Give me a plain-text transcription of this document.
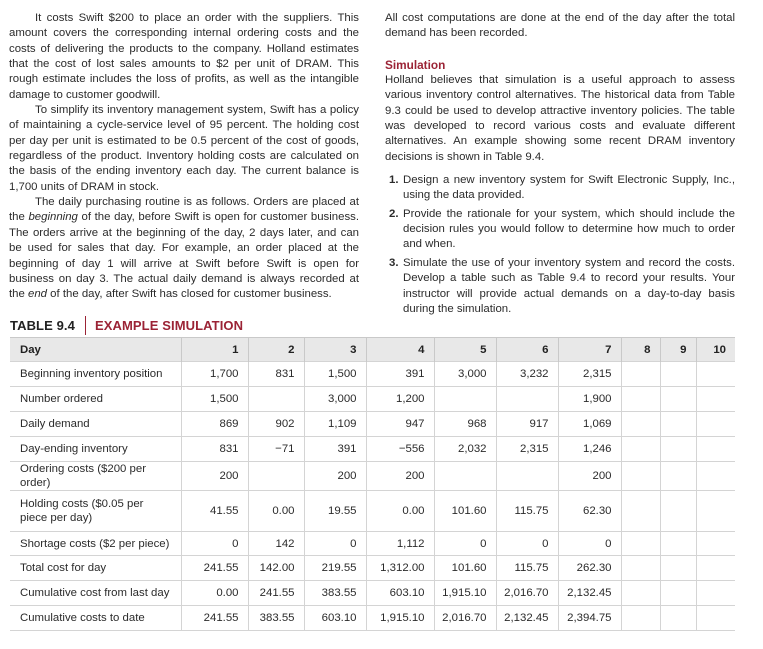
It costs Swift $200 to place an order with the suppliers. This amount covers the corresponding internal ordering costs and the costs of delivering the products to the company. Holland estimates that the cost of lost sales amounts to $2 per unit of DRAM. This rough estimate includes the loss of profits, as well as the intangible damage to customer goodwill.

To simplify its inventory management system, Swift has a policy of maintaining a cycle-service level of 95 percent. The holding cost per day per unit is estimated to be 0.5 percent of the cost of goods, regardless of the product. Inventory holding costs are calculated on the basis of the ending inventory each day. The current balance is 1,700 units of DRAM in stock.

The daily purchasing routine is as follows. Orders are placed at the beginning of the day, before Swift is open for customer business. The orders arrive at the beginning of the day, 2 days later, and can be used for sales that day. For example, an order placed at the beginning of day 1 will arrive at Swift before Swift is open for business on day 3. The actual daily demand is always recorded at the end of the day, after Swift has closed for customer business.

All cost computations are done at the end of the day after the total demand has been recorded.

Simulation

Holland believes that simulation is a useful approach to assess various inventory control alternatives. The historical data from Table 9.3 could be used to develop attractive inventory policies. The table was developed to record various costs and evaluate different alternatives. An example showing some recent DRAM inventory decisions is shown in Table 9.4.

1. Design a new inventory system for Swift Electronic Supply, Inc., using the data provided.
2. Provide the rationale for your system, which should include the decision rules you would follow to determine how much to order and when.
3. Simulate the use of your inventory system and record the costs. Develop a table such as Table 9.4 to record your results. Your instructor will provide actual demands on a day-to-day basis during the simulation.
TABLE 9.4 EXAMPLE SIMULATION
Day	1	2	3	4	5	6	7	8	9	10
Beginning inventory position	1,700	831	1,500	391	3,000	3,232	2,315			
Number ordered	1,500		3,000	1,200			1,900			
Daily demand	869	902	1,109	947	968	917	1,069			
Day-ending inventory	831	−71	391	−556	2,032	2,315	1,246			
Ordering costs ($200 per order)	200		200	200			200			
Holding costs ($0.05 per piece per day)	41.55	0.00	19.55	0.00	101.60	115.75	62.30			
Shortage costs ($2 per piece)	0	142	0	1,112	0	0	0			
Total cost for day	241.55	142.00	219.55	1,312.00	101.60	115.75	262.30			
Cumulative cost from last day	0.00	241.55	383.55	603.10	1,915.10	2,016.70	2,132.45			
Cumulative costs to date	241.55	383.55	603.10	1,915.10	2,016.70	2,132.45	2,394.75			
